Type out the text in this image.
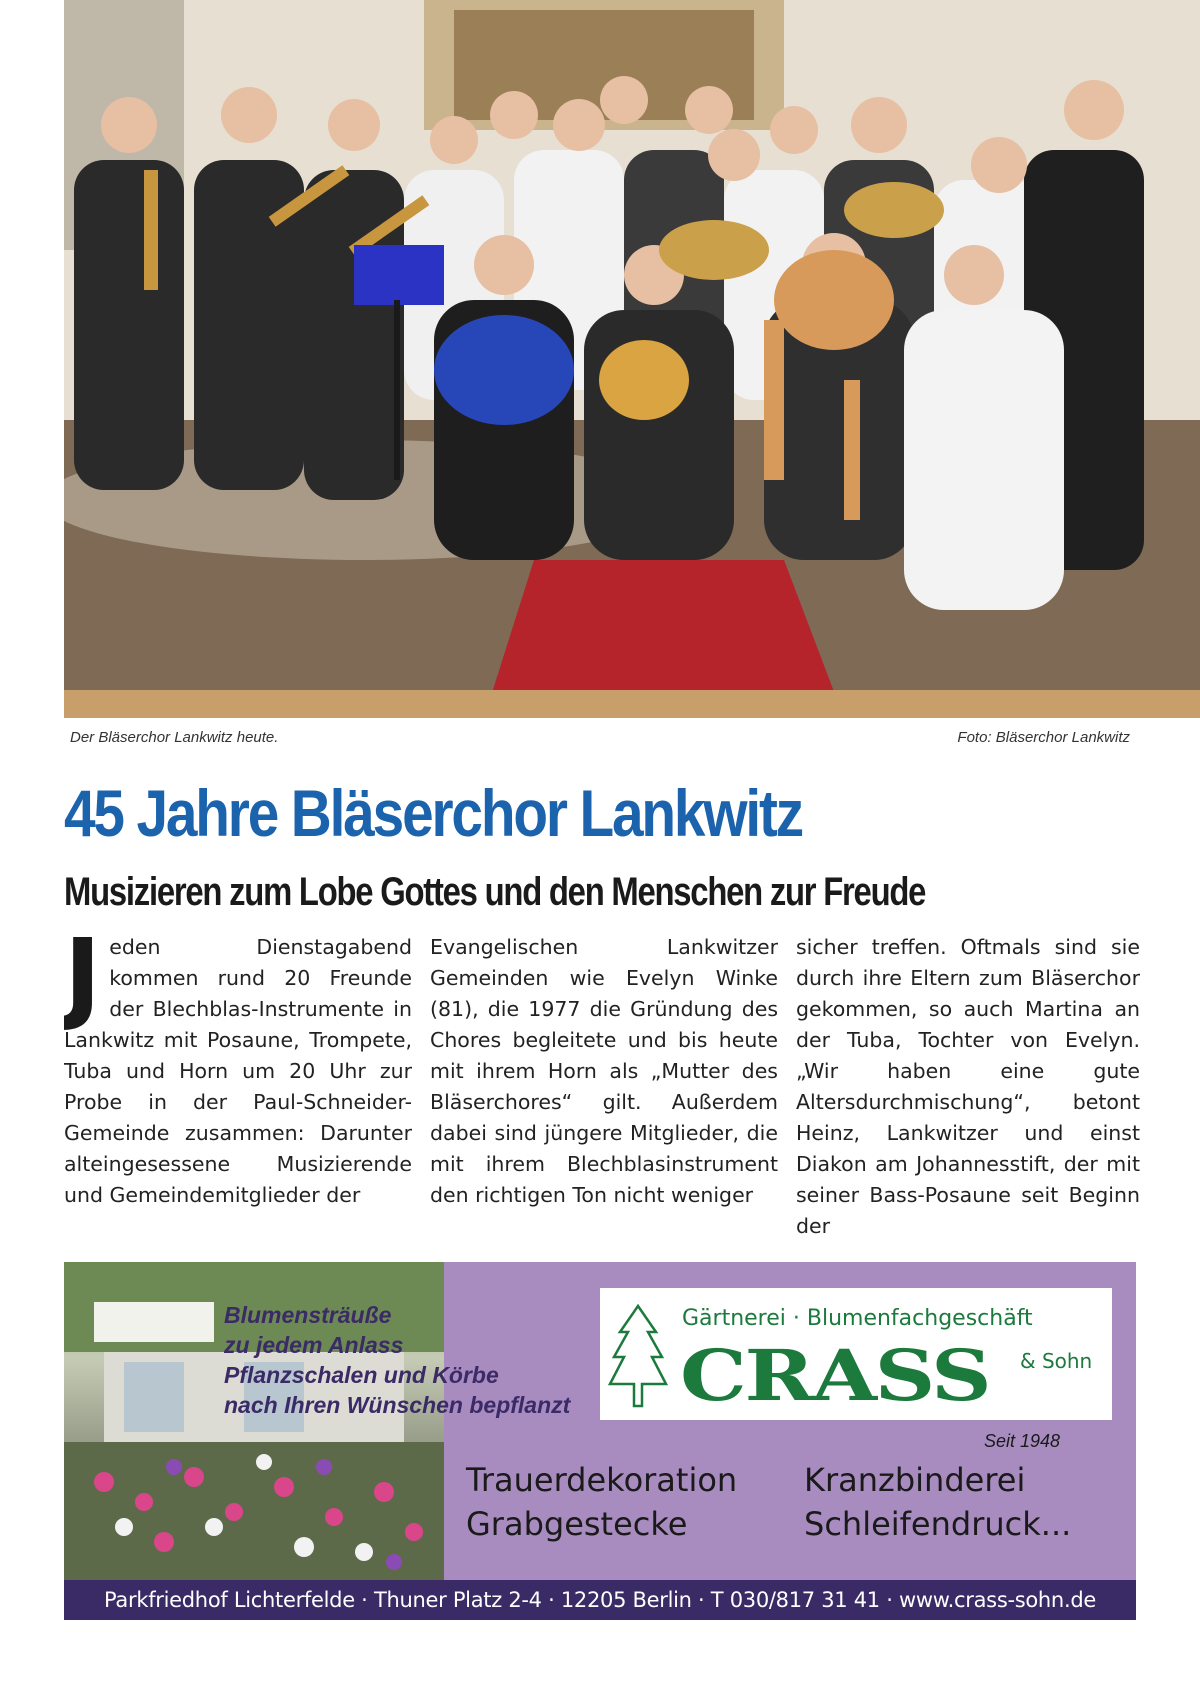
Der Bläserchor Lankwitz heute.	Foto: Bläserchor Lankwitz
45 Jahre Bläserchor Lankwitz
Musizieren zum Lobe Gottes und den Menschen zur Freude
Jeden Dienstagabend kommen rund 20 Freunde der Blechblas-Instrumente in Lankwitz mit Posaune, Trompete, Tuba und Horn um 20 Uhr zur Probe in der Paul-Schneider-Gemeinde zusammen: Darunter alteingesessene Musizierende und Gemeindemitglieder der
Evangelischen Lankwitzer Gemeinden wie Evelyn Winke (81), die 1977 die Gründung des Chores begleitete und bis heute mit ihrem Horn als „Mutter des Bläserchores“ gilt. Außerdem dabei sind jüngere Mitglieder, die mit ihrem Blechblasinstrument den richtigen Ton nicht weniger
sicher treffen. Oftmals sind sie durch ihre Eltern zum Bläserchor gekommen, so auch Martina an der Tuba, Tochter von Evelyn. „Wir haben eine gute Altersdurchmischung“, betont Heinz, Lankwitzer und einst Diakon am Johannesstift, der mit seiner Bass-Posaune seit Beginn der
Blumensträuße
zu jedem Anlass
Pflanzschalen und Körbe
nach Ihren Wünschen bepflanzt
Gärtnerei · Blumenfachgeschäft
CRASS	& Sohn
Seit 1948
Trauerdekoration
Grabgestecke
Kranzbinderei
Schleifendruck...
Parkfriedhof Lichterfelde · Thuner Platz 2-4 · 12205 Berlin · T 030/817 31 41 · www.crass-sohn.de
